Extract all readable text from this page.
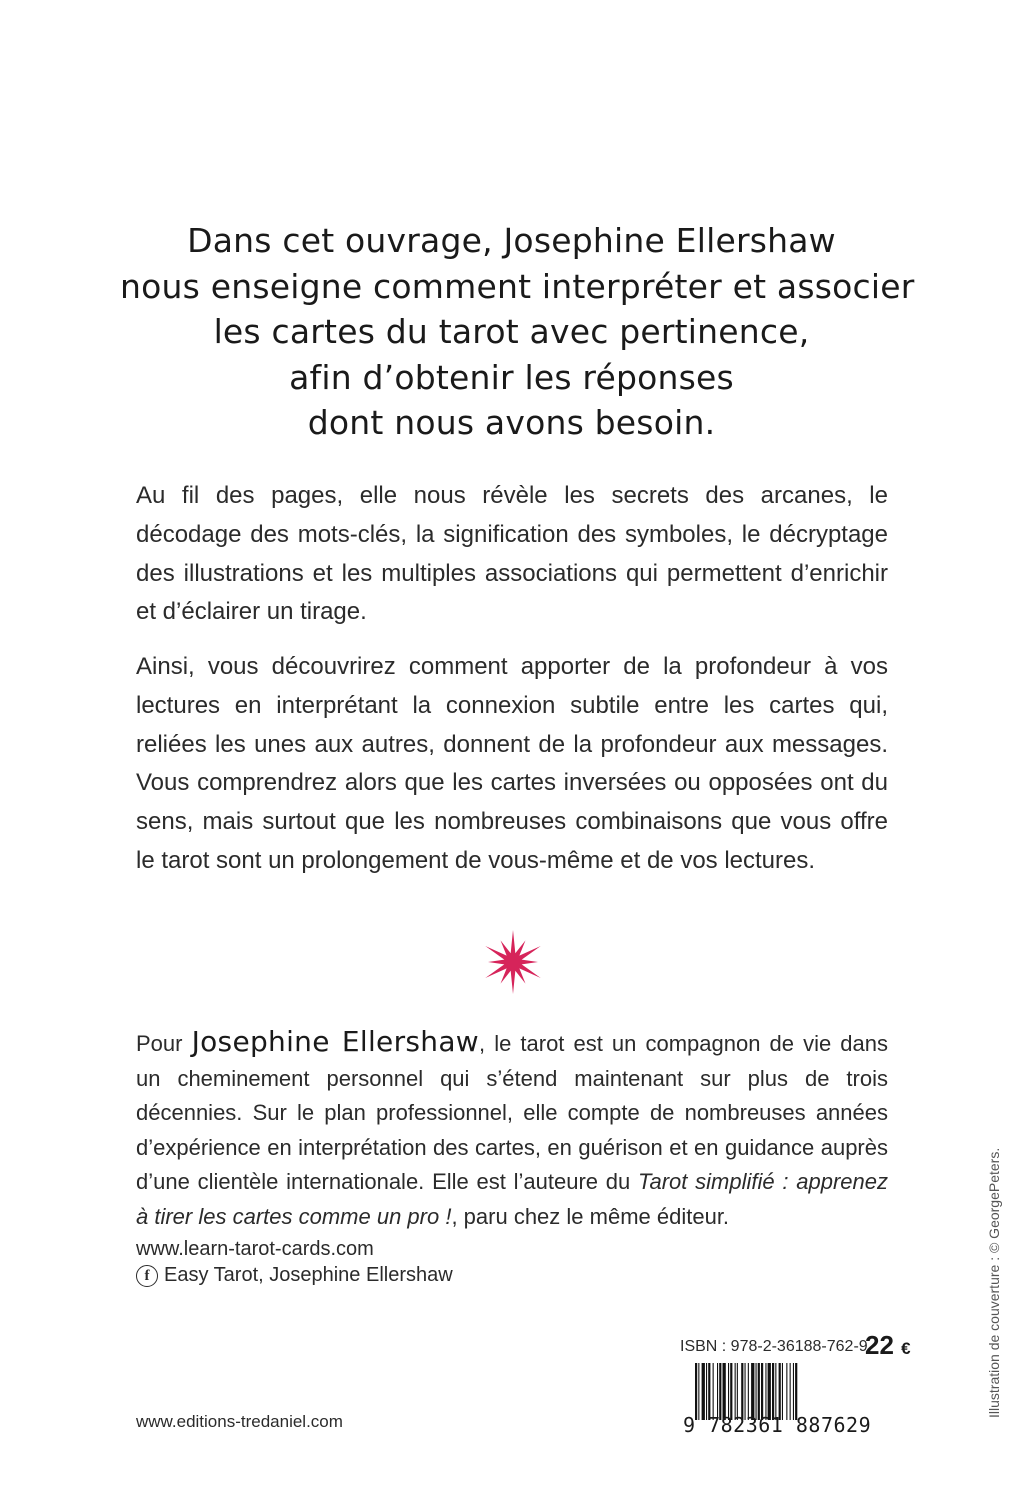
Dans cet ouvrage, Josephine Ellershaw
nous enseigne comment interpréter et associer
les cartes du tarot avec pertinence,
afin d’obtenir les réponses
dont nous avons besoin.

Au fil des pages, elle nous révèle les secrets des arcanes, le décodage des mots-clés, la signification des symboles, le décryptage des illustrations et les multiples associations qui permettent d’enrichir et d’éclairer un tirage.

Ainsi, vous découvrirez comment apporter de la profondeur à vos lectures en interprétant la connexion subtile entre les cartes qui, reliées les unes aux autres, donnent de la profondeur aux messages. Vous comprendrez alors que les cartes inversées ou opposées ont du sens, mais surtout que les nombreuses combinaisons que vous offre le tarot sont un prolongement de vous-même et de vos lectures.

Pour Josephine Ellershaw, le tarot est un compagnon de vie dans un cheminement personnel qui s’étend maintenant sur plus de trois décennies. Sur le plan professionnel, elle compte de nombreuses années d’expérience en interprétation des cartes, en guérison et en guidance auprès d’une clientèle internationale. Elle est l’auteure du Tarot simplifié : apprenez à tirer les cartes comme un pro !, paru chez le même éditeur.

www.learn-tarot-cards.com
f Easy Tarot, Josephine Ellershaw
ISBN : 978-2-36188-762-9
22 €
9 782361 887629
www.editions-tredaniel.com
Illustration de couverture : © GeorgePeters.
